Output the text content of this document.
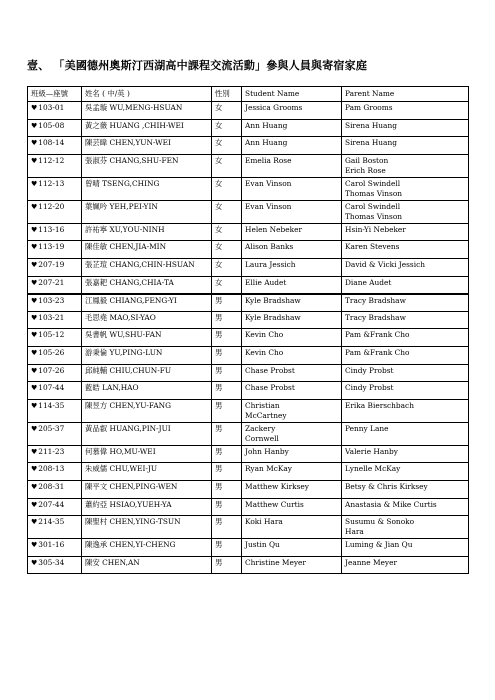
壹、 「美國德州奧斯汀西湖高中課程交流活動」參與人員與寄宿家庭
班級—座號	姓名 ( 中/英 )	性別	Student Name	Parent Name
♥103-01	吳孟璇 WU,MENG-HSUAN	女	Jessica Grooms	Pam Grooms

♥105-08	黃之薇 HUANG ,CHIH-WEI	女	Ann Huang	Sirena Huang

♥108-14	陳芸暐 CHEN,YUN-WEI	女	Ann Huang	Sirena Huang

♥112-12	張淑芬 CHANG,SHU-FEN	女	Emelia Rose	Gail Boston
Erich Rose

♥112-13	曾晴 TSENG,CHING	女	Evan Vinson	Carol Swindell
Thomas Vinson

♥112-20	葉姵吟 YEH,PEI-YIN	女	Evan Vinson	Carol Swindell
Thomas Vinson

♥113-16	許祐寧 XU,YOU-NINH	女	Helen Nebeker	Hsin-Yi Nebeker

♥113-19	陳佳敏 CHEN,JIA-MIN	女	Alison Banks	Karen Stevens

♥207-19	張芷瑄 CHANG,CHIN-HSUAN	女	Laura Jessich	David & Vicki Jessich

♥207-21	張嘉耙 CHANG,CHIA-TA	女	Ellie Audet	Diane Audet

♥103-23	江鳳毅 CHIANG,FENG-YI	男	Kyle Bradshaw	Tracy Bradshaw

♥103-21	毛思堯 MAO,SI-YAO	男	Kyle Bradshaw	Tracy Bradshaw

♥105-12	吳書帆 WU,SHU-FAN	男	Kevin Cho	Pam &Frank Cho

♥105-26	游秉倫 YU,PING-LUN	男	Kevin Cho	Pam &Frank Cho

♥107-26	邱純輔 CHIU,CHUN-FU	男	Chase Probst	Cindy Probst

♥107-44	藍皓 LAN,HAO	男	Chase Probst	Cindy Probst

♥114-35	陳昱方 CHEN,YU-FANG	男	Christian
McCartney	Erika Bierschbach

♥205-37	黃品叡 HUANG,PIN-JUI	男	Zackery
Cornwell	Penny Lane

♥211-23	何慕偉 HO,MU-WEI	男	John Hanby	Valerie Hanby

♥208-13	朱威儒 CHU,WEI-JU	男	Ryan McKay	Lynelle McKay

♥208-31	陳平文 CHEN,PING-WEN	男	Matthew Kirksey	Betsy & Chris Kirksey

♥207-44	蕭約亞 HSIAO,YUEH-YA	男	Matthew Curtis	Anastasia & Mike Curtis

♥214-35	陳聖村 CHEN,YING-TSUN	男	Koki Hara	Susumu & Sonoko
Hara

♥301-16	陳逸承 CHEN,YI-CHENG	男	Justin Qu	Luming & Jian Qu

♥305-34	陳安 CHEN,AN	男	Christine Meyer	Jeanne Meyer
